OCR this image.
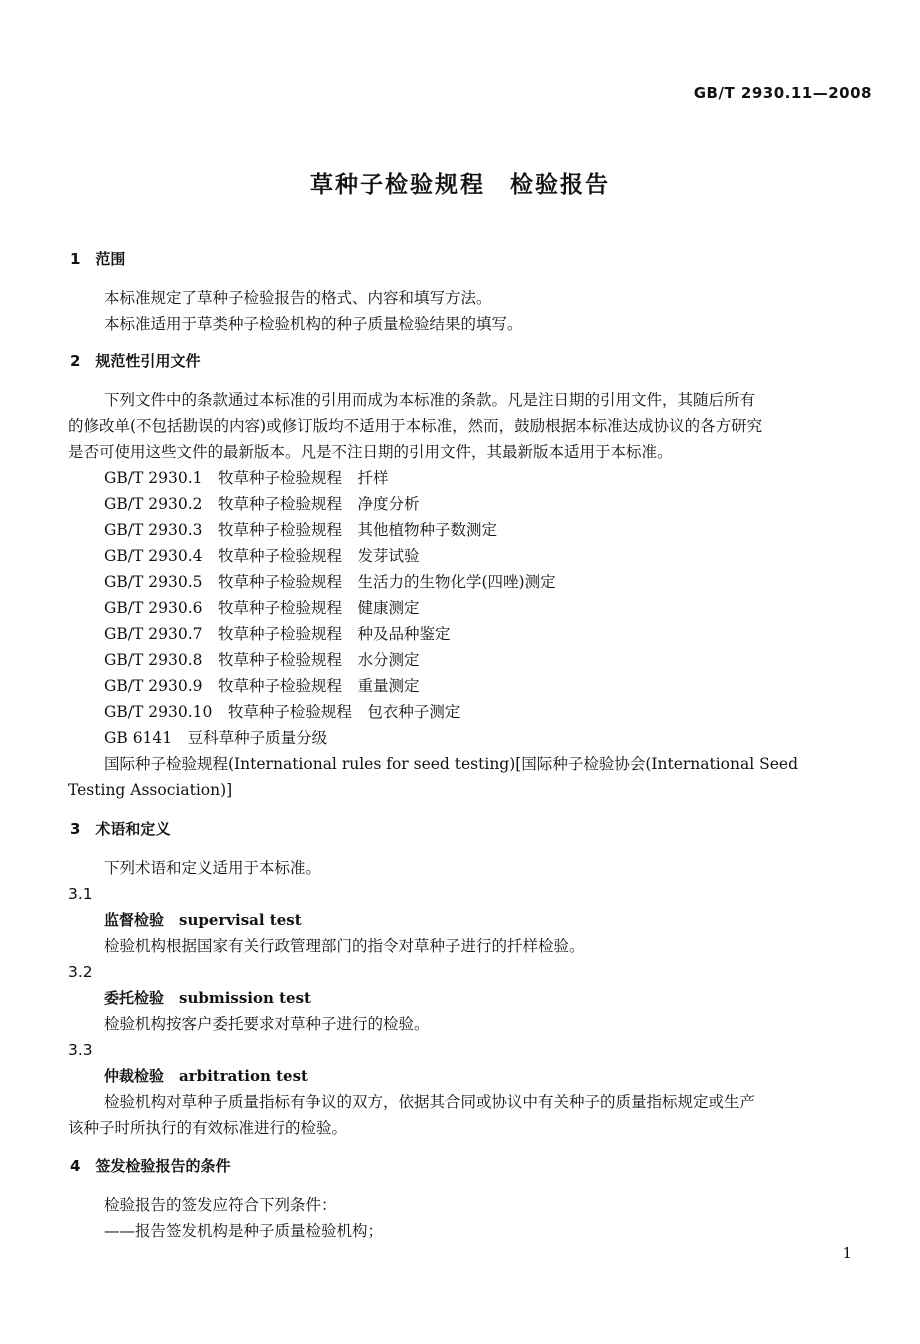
GB/T 2930.11—2008
草种子检验规程　检验报告
1　范围
本标准规定了草种子检验报告的格式、内容和填写方法。
本标准适用于草类种子检验机构的种子质量检验结果的填写。
2　规范性引用文件
下列文件中的条款通过本标准的引用而成为本标准的条款。凡是注日期的引用文件，其随后所有
的修改单(不包括勘误的内容)或修订版均不适用于本标准，然而，鼓励根据本标准达成协议的各方研究
是否可使用这些文件的最新版本。凡是不注日期的引用文件，其最新版本适用于本标准。
GB/T 2930.1　牧草种子检验规程　扦样
GB/T 2930.2　牧草种子检验规程　净度分析
GB/T 2930.3　牧草种子检验规程　其他植物种子数测定
GB/T 2930.4　牧草种子检验规程　发芽试验
GB/T 2930.5　牧草种子检验规程　生活力的生物化学(四唑)测定
GB/T 2930.6　牧草种子检验规程　健康测定
GB/T 2930.7　牧草种子检验规程　种及品种鉴定
GB/T 2930.8　牧草种子检验规程　水分测定
GB/T 2930.9　牧草种子检验规程　重量测定
GB/T 2930.10　牧草种子检验规程　包衣种子测定
GB 6141　豆科草种子质量分级
国际种子检验规程(International rules for seed testing)[国际种子检验协会(International Seed
Testing Association)]
3　术语和定义
下列术语和定义适用于本标准。
3.1
监督检验　supervisal test
检验机构根据国家有关行政管理部门的指令对草种子进行的扦样检验。
3.2
委托检验　submission test
检验机构按客户委托要求对草种子进行的检验。
3.3
仲裁检验　arbitration test
检验机构对草种子质量指标有争议的双方，依据其合同或协议中有关种子的质量指标规定或生产
该种子时所执行的有效标准进行的检验。
4　签发检验报告的条件
检验报告的签发应符合下列条件：
——报告签发机构是种子质量检验机构；
1
